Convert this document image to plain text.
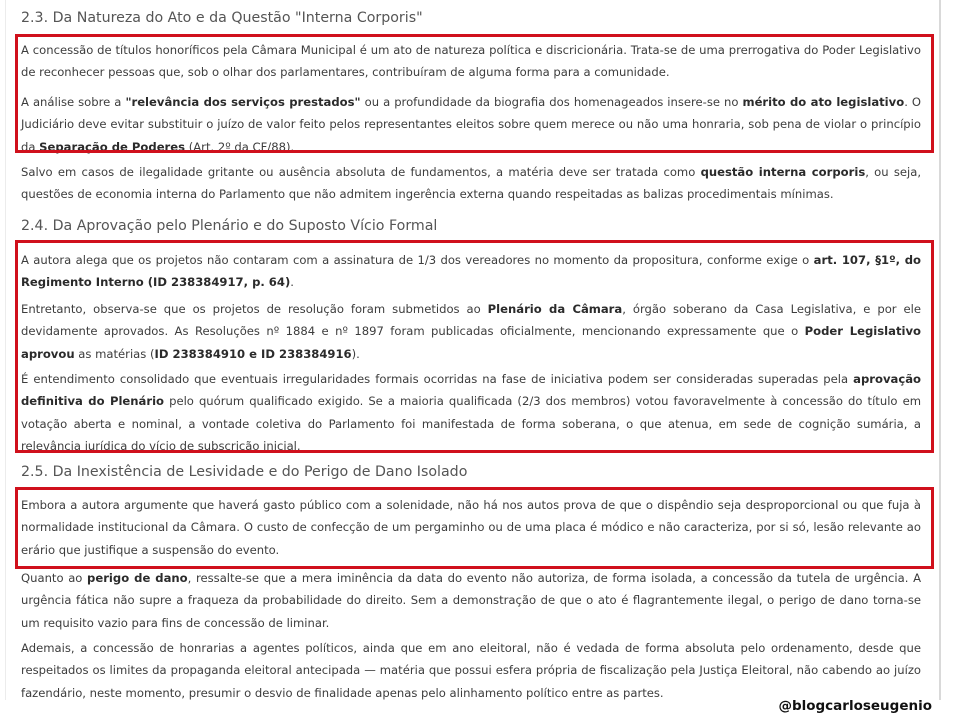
2.3. Da Natureza do Ato e da Questão "Interna Corporis"

A concessão de títulos honoríficos pela Câmara Municipal é um ato de natureza política e discricionária. Trata-se de uma prerrogativa do Poder Legislativo de reconhecer pessoas que, sob o olhar dos parlamentares, contribuíram de alguma forma para a comunidade.

A análise sobre a "relevância dos serviços prestados" ou a profundidade da biografia dos homenageados insere-se no mérito do ato legislativo. O Judiciário deve evitar substituir o juízo de valor feito pelos representantes eleitos sobre quem merece ou não uma honraria, sob pena de violar o princípio da Separação de Poderes (Art. 2º da CF/88).

Salvo em casos de ilegalidade gritante ou ausência absoluta de fundamentos, a matéria deve ser tratada como questão interna corporis, ou seja, questões de economia interna do Parlamento que não admitem ingerência externa quando respeitadas as balizas procedimentais mínimas.

2.4. Da Aprovação pelo Plenário e do Suposto Vício Formal

A autora alega que os projetos não contaram com a assinatura de 1/3 dos vereadores no momento da propositura, conforme exige o art. 107, §1º, do Regimento Interno (ID 238384917, p. 64).

Entretanto, observa-se que os projetos de resolução foram submetidos ao Plenário da Câmara, órgão soberano da Casa Legislativa, e por ele devidamente aprovados. As Resoluções nº 1884 e nº 1897 foram publicadas oficialmente, mencionando expressamente que o Poder Legislativo aprovou as matérias (ID 238384910 e ID 238384916).

É entendimento consolidado que eventuais irregularidades formais ocorridas na fase de iniciativa podem ser consideradas superadas pela aprovação definitiva do Plenário pelo quórum qualificado exigido. Se a maioria qualificada (2/3 dos membros) votou favoravelmente à concessão do título em votação aberta e nominal, a vontade coletiva do Parlamento foi manifestada de forma soberana, o que atenua, em sede de cognição sumária, a relevância jurídica do vício de subscrição inicial.

2.5. Da Inexistência de Lesividade e do Perigo de Dano Isolado

Embora a autora argumente que haverá gasto público com a solenidade, não há nos autos prova de que o dispêndio seja desproporcional ou que fuja à normalidade institucional da Câmara. O custo de confecção de um pergaminho ou de uma placa é módico e não caracteriza, por si só, lesão relevante ao erário que justifique a suspensão do evento.

Quanto ao perigo de dano, ressalte-se que a mera iminência da data do evento não autoriza, de forma isolada, a concessão da tutela de urgência. A urgência fática não supre a fraqueza da probabilidade do direito. Sem a demonstração de que o ato é flagrantemente ilegal, o perigo de dano torna-se um requisito vazio para fins de concessão de liminar.

Ademais, a concessão de honrarias a agentes políticos, ainda que em ano eleitoral, não é vedada de forma absoluta pelo ordenamento, desde que respeitados os limites da propaganda eleitoral antecipada — matéria que possui esfera própria de fiscalização pela Justiça Eleitoral, não cabendo ao juízo fazendário, neste momento, presumir o desvio de finalidade apenas pelo alinhamento político entre as partes.

@blogcarloseugenio
